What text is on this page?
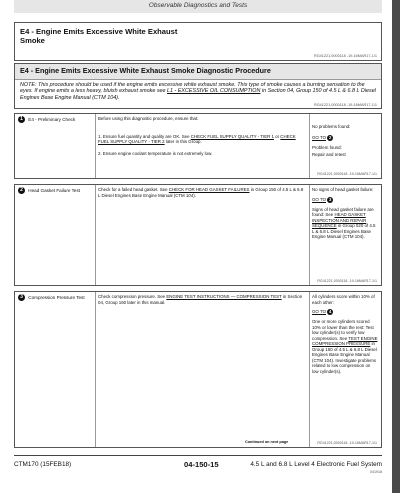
Observable Diagnostics and Tests
E4 - Engine Emits Excessive White Exhaust
Smoke
RG41221,0000118 -19-16MAR17-1/1
E4 - Engine Emits Excessive White Exhaust Smoke Diagnostic Procedure
NOTE: This procedure should be used if the engine emits excessive white exhaust smoke. This type of smoke causes a burning sensation to the eyes. If engine emits a less heavy, bluish exhaust smoke see L1 - EXCESSIVE OIL CONSUMPTION in Section 04, Group 150 of 4.5 L & 6.8 L Diesel Engines Base Engine Manual (CTM 104).
RG41221,0000118 -19-16MAR17-1/1
1 E4 - Preliminary Check	Before using this diagnostic procedure, ensure that:
1. Ensure fuel quantity and quality are OK. See CHECK FUEL SUPPLY QUALITY - TIER 1 or CHECK FUEL SUPPLY QUALITY - TIER 2 later in this Group.
2. Ensure engine coolant temperature is not extremely low.
No problems found:
GO TO 2
Problem found:
Repair and retest
RG41221,0000118 -19-16MAR17-1/1
2 Head Gasket Failure Test	Check for a failed head gasket. See CHECK FOR HEAD GASKET FAILURES in Group 150 of 4.5 L & 6.8 L Diesel Engines Base Engine Manual (CTM 104).
No signs of head gasket failure:
GO TO 3
Signs of head gasket failure are found: See HEAD GASKET INSPECTION AND REPAIR SEQUENCE in Group 020 of 4.5 L & 6.8 L Diesel Engines Base Engine Manual (CTM 104).
RG41221,0000118 -19-16MAR17-1/1
3 Compression Pressure Test	Check compression pressure. See ENGINE TEST INSTRUCTIONS — COMPRESSION TEST in Section 04, Group 160 later in this manual.
Continued on next page
All cylinders score within 10% of each other:
GO TO 4
One or more cylinders scored 10% or lower than the rest: Test low cylinder(s) to verify low compression. See TEST ENGINE COMPRESSION PRESSURE in Group 150 of 4.5 L & 6.8 L Diesel Engines Base Engine Manual (CTM 104). Investigate problems related to low compression on low cylinder(s).
RG41221,0000118 -19-16MAR17-1/1
CTM170 (15FEB18)	04-150-15	4.5 L and 6.8 L Level 4 Electronic Fuel System
041918
